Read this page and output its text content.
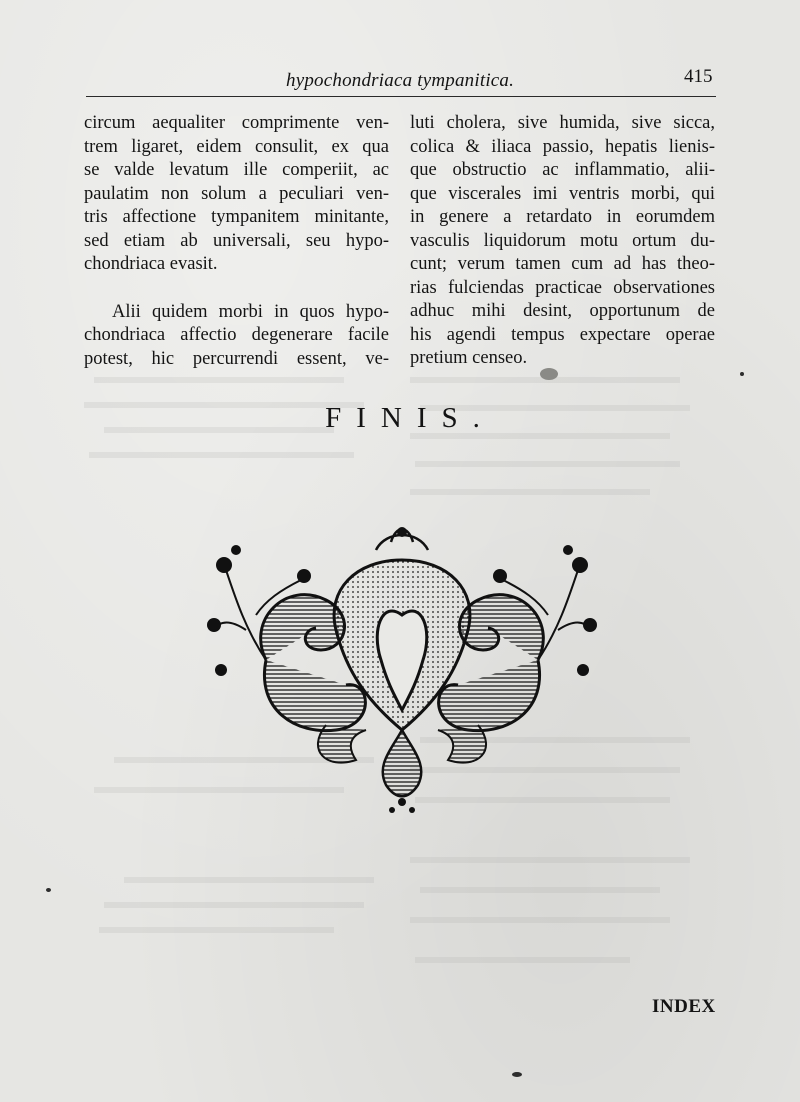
hypochondriaca tympanitica.	415
circum aequaliter comprimente ven-
trem ligaret, eidem consulit, ex qua
se valde levatum ille comperiit, ac
paulatim non solum a peculiari ven-
tris affectione tympanitem minitante,
sed etiam ab universali, seu hypo-
chondriaca evasit.
Alii quidem morbi in quos hypo-
chondriaca affectio degenerare facile
potest, hic percurrendi essent, ve-
luti cholera, sive humida, sive sicca,
colica & iliaca passio, hepatis lienis-
que obstructio ac inflammatio, alii-
que viscerales imi ventris morbi, qui
in genere a retardato in eorumdem
vasculis liquidorum motu ortum du-
cunt; verum tamen cum ad has theo-
rias fulciendas practicae observationes
adhuc mihi desint, opportunum de
his agendi tempus expectare operae
pretium censeo.
FINIS.
INDEX
